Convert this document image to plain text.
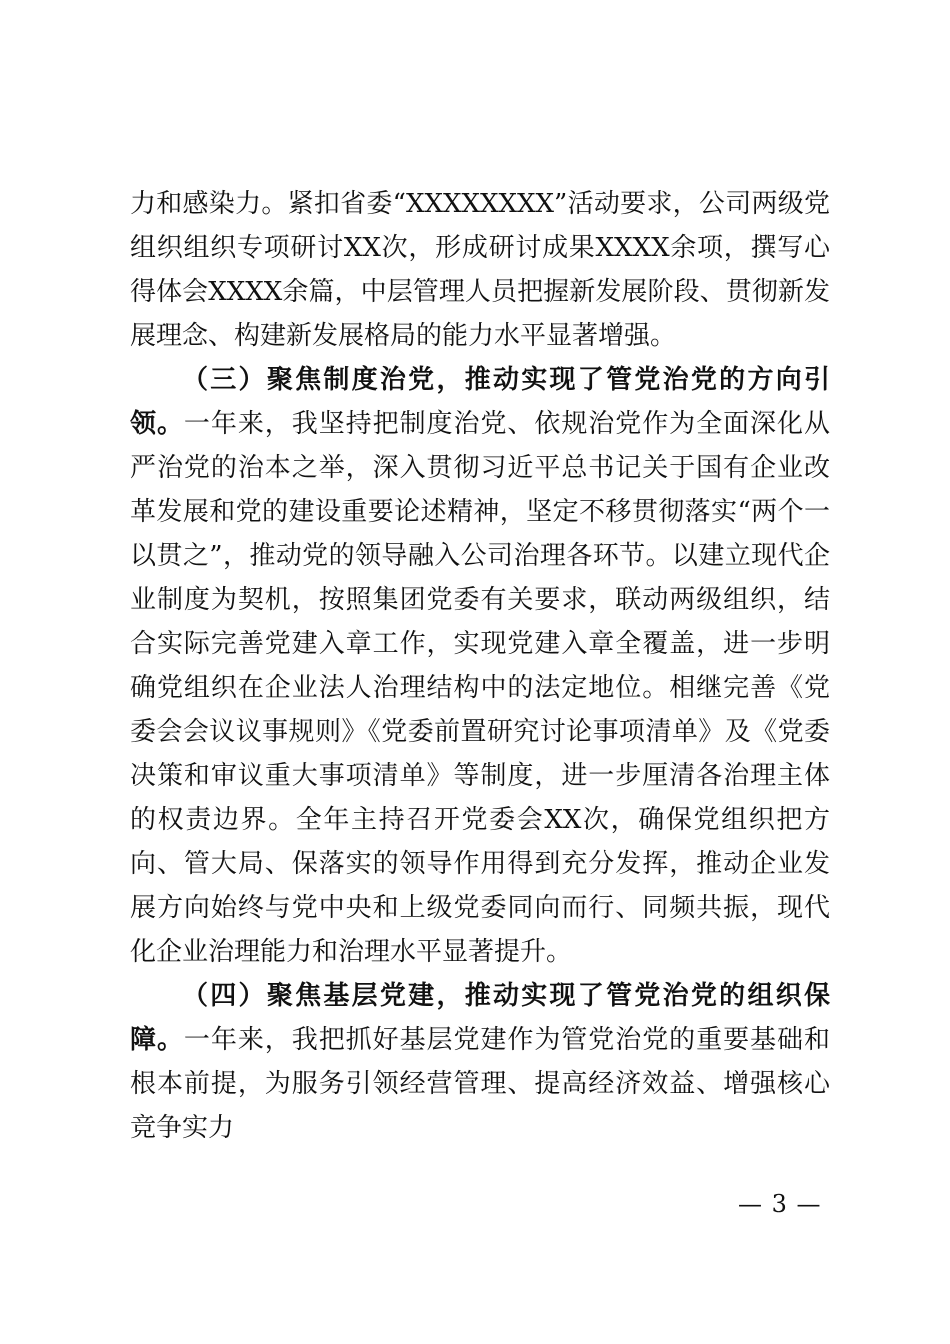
力和感染力。紧扣省委“XXXXXXXX”活动要求，公司两级党组织组织专项研讨XX次，形成研讨成果XXXX余项，撰写心得体会XXXX余篇，中层管理人员把握新发展阶段、贯彻新发展理念、构建新发展格局的能力水平显著增强。

（三）聚焦制度治党，推动实现了管党治党的方向引领。一年来，我坚持把制度治党、依规治党作为全面深化从严治党的治本之举，深入贯彻习近平总书记关于国有企业改革发展和党的建设重要论述精神，坚定不移贯彻落实“两个一以贯之”，推动党的领导融入公司治理各环节。以建立现代企业制度为契机，按照集团党委有关要求，联动两级组织，结合实际完善党建入章工作，实现党建入章全覆盖，进一步明确党组织在企业法人治理结构中的法定地位。相继完善《党委会会议议事规则》《党委前置研究讨论事项清单》及《党委决策和审议重大事项清单》等制度，进一步厘清各治理主体的权责边界。全年主持召开党委会XX次，确保党组织把方向、管大局、保落实的领导作用得到充分发挥，推动企业发展方向始终与党中央和上级党委同向而行、同频共振，现代化企业治理能力和治理水平显著提升。

（四）聚焦基层党建，推动实现了管党治党的组织保障。一年来，我把抓好基层党建作为管党治党的重要基础和根本前提，为服务引领经营管理、提高经济效益、增强核心竞争实力

— 3 —
